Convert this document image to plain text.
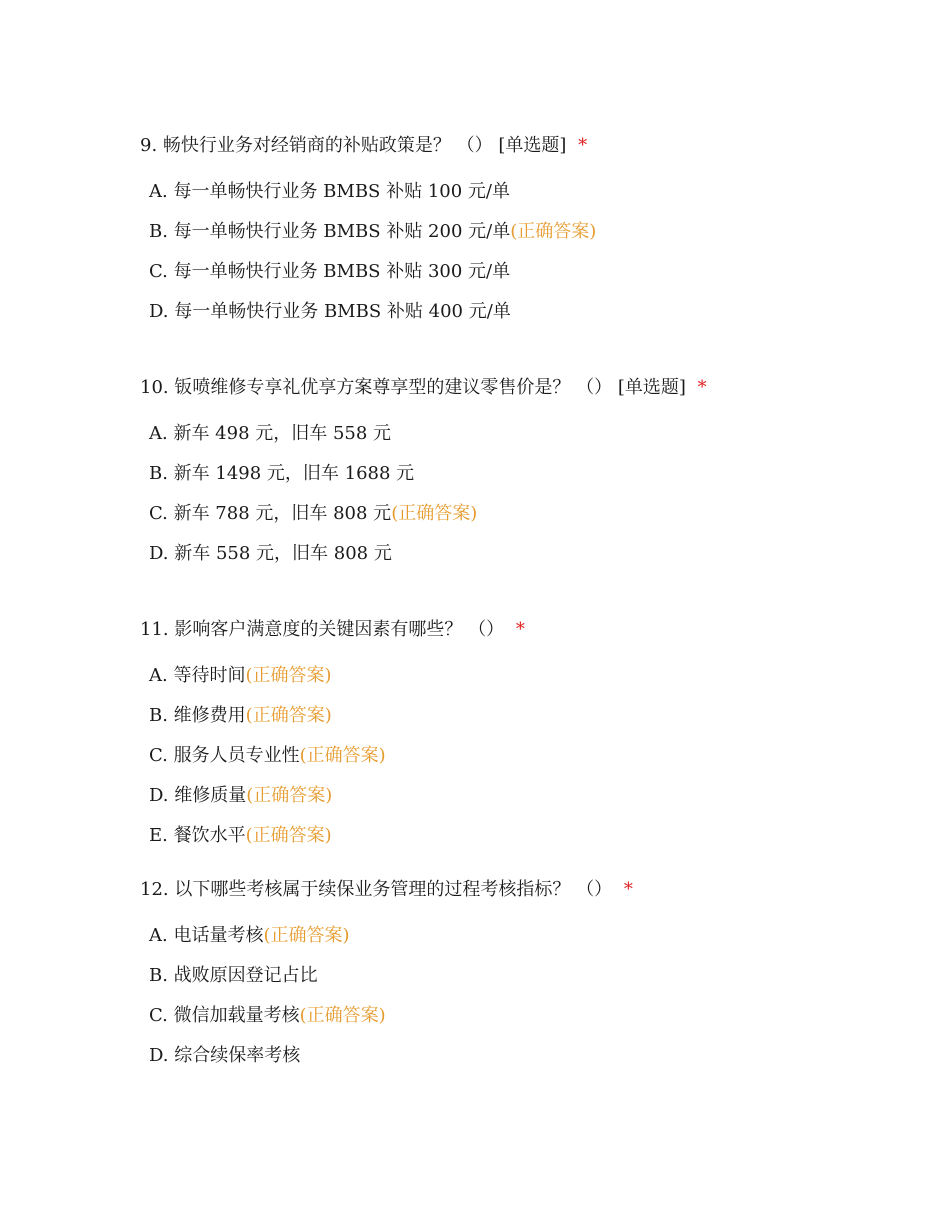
9. 畅快行业务对经销商的补贴政策是？ （） [单选题] *
A. 每一单畅快行业务 BMBS 补贴 100 元/单
B. 每一单畅快行业务 BMBS 补贴 200 元/单(正确答案)
C. 每一单畅快行业务 BMBS 补贴 300 元/单
D. 每一单畅快行业务 BMBS 补贴 400 元/单
10. 钣喷维修专享礼优享方案尊享型的建议零售价是？ （） [单选题] *
A. 新车 498 元，旧车 558 元
B. 新车 1498 元，旧车 1688 元
C. 新车 788 元，旧车 808 元(正确答案)
D. 新车 558 元，旧车 808 元
11. 影响客户满意度的关键因素有哪些？ （） *
A. 等待时间(正确答案)
B. 维修费用(正确答案)
C. 服务人员专业性(正确答案)
D. 维修质量(正确答案)
E. 餐饮水平(正确答案)
12. 以下哪些考核属于续保业务管理的过程考核指标？ （） *
A. 电话量考核(正确答案)
B. 战败原因登记占比
C. 微信加载量考核(正确答案)
D. 综合续保率考核
